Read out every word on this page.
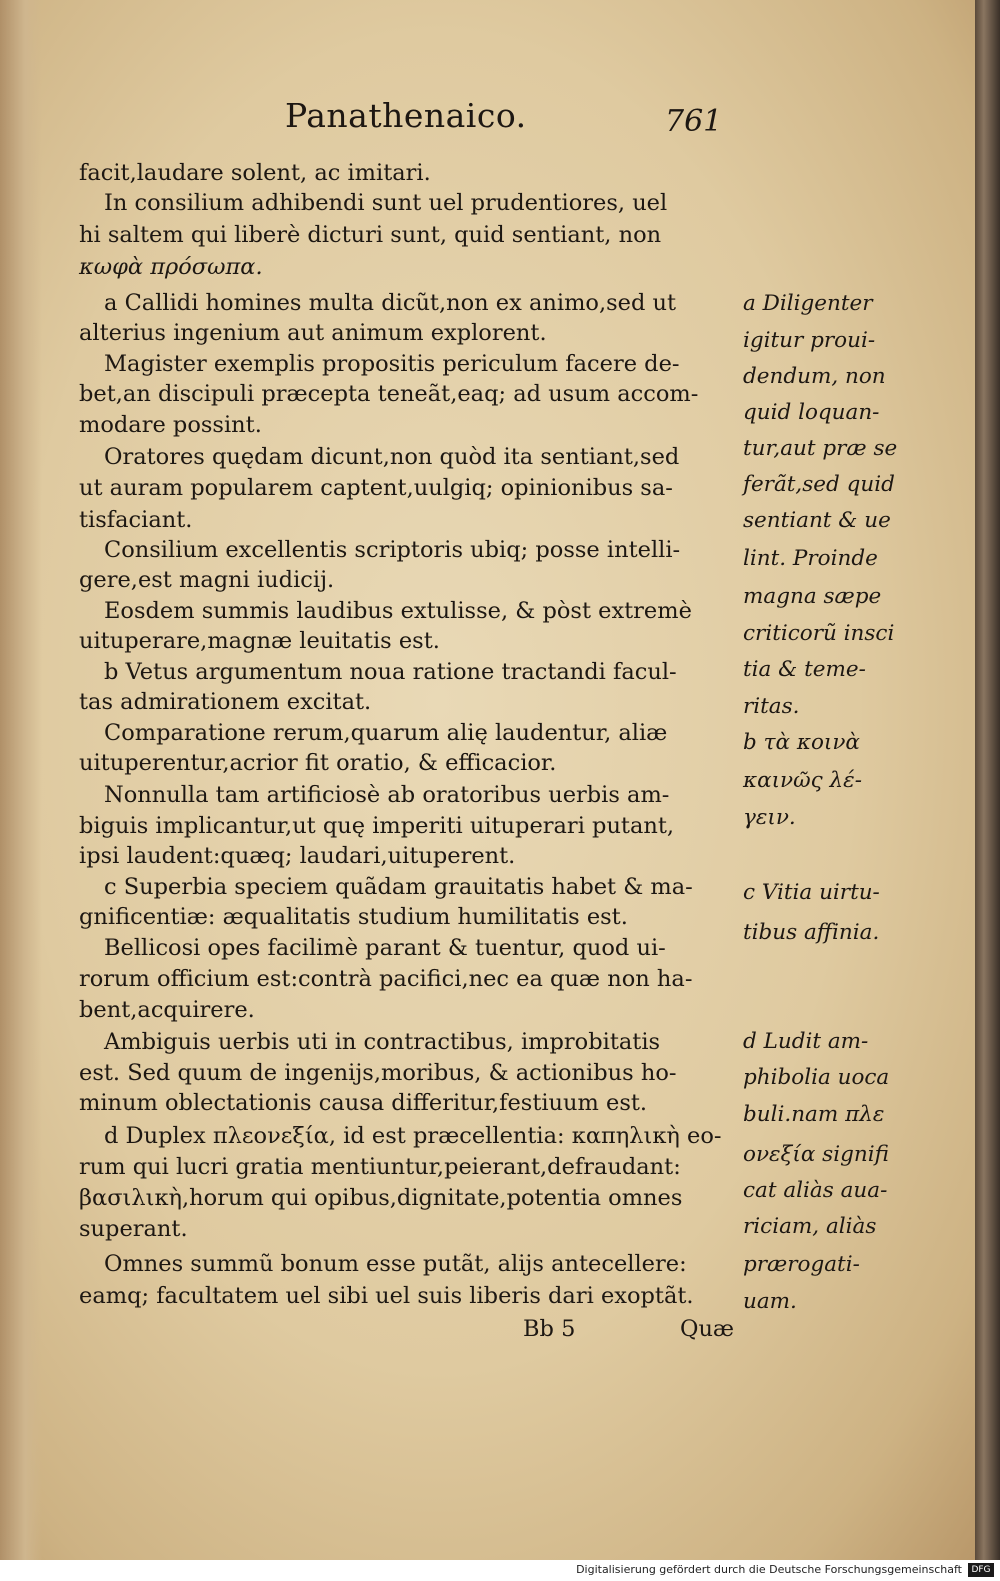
Panathenaico.	761
facit,laudare solent, ac imitari.
In consilium adhibendi sunt uel prudentiores, uel
hi saltem qui liberè dicturi sunt, quid sentiant, non
κωφὰ πρόσωπα.
a Callidi homines multa dicũt,non ex animo,sed ut
alterius ingenium aut animum explorent.
Magister exemplis propositis periculum facere de-
bet,an discipuli præcepta teneãt,eaq; ad usum accom-
modare possint.
Oratores quędam dicunt,non quòd ita sentiant,sed
ut auram popularem captent,uulgiq; opinionibus sa-
tisfaciant.
Consilium excellentis scriptoris ubiq; posse intelli-
gere,est magni iudicij.
Eosdem summis laudibus extulisse, & pòst extremè
uituperare,magnæ leuitatis est.
b Vetus argumentum noua ratione tractandi facul-
tas admirationem excitat.
Comparatione rerum,quarum alię laudentur, aliæ
uituperentur,acrior fit oratio, & efficacior.
Nonnulla tam artificiosè ab oratoribus uerbis am-
biguis implicantur,ut quę imperiti uituperari putant,
ipsi laudent:quæq; laudari,uituperent.
c Superbia speciem quãdam grauitatis habet & ma-
gnificentiæ: æqualitatis studium humilitatis est.
Bellicosi opes facilimè parant & tuentur, quod ui-
rorum officium est:contrà pacifici,nec ea quæ non ha-
bent,acquirere.
Ambiguis uerbis uti in contractibus, improbitatis
est. Sed quum de ingenijs,moribus, & actionibus ho-
minum oblectationis causa differitur,festiuum est.
d Duplex πλεονεξία, id est præcellentia: καπηλικὴ eo-
rum qui lucri gratia mentiuntur,peierant,defraudant:
βασιλικὴ,horum qui opibus,dignitate,potentia omnes
superant.
Omnes summũ bonum esse putãt, alijs antecellere:
eamq; facultatem uel sibi uel suis liberis dari exoptãt.
a Diligenter
igitur proui-
dendum, non
quid loquan-
tur,aut præ se
ferãt,sed quid
sentiant & ue
lint. Proinde
magna sæpe
criticorũ insci
tia & teme-
ritas.
b τὰ κοινὰ
καινῶς λέ-
γειν.
c Vitia uirtu-
tibus affinia.
d Ludit am-
phibolia uoca
buli.nam πλε
ονεξία signifi
cat aliàs aua-
riciam, aliàs
prærogati-
uam.
Bb 5	Quæ
Digitalisierung gefördert durch die Deutsche Forschungsgemeinschaft	DFG
